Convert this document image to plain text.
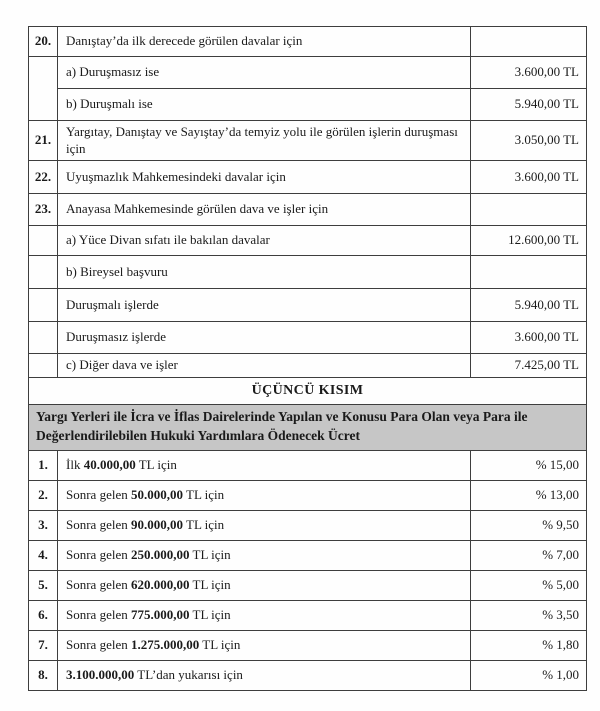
20.	Danıştay’da ilk derecede görülen davalar için	
	a) Duruşmasız ise	3.600,00 TL
	b) Duruşmalı ise	5.940,00 TL
21.	Yargıtay, Danıştay ve Sayıştay’da temyiz yolu ile görülen işlerin duruşması için	3.050,00 TL
22.	Uyuşmazlık Mahkemesindeki davalar için	3.600,00 TL
23.	Anayasa Mahkemesinde görülen dava ve işler için	
	a) Yüce Divan sıfatı ile bakılan davalar	12.600,00 TL
	b) Bireysel başvuru	
	Duruşmalı işlerde	5.940,00 TL
	Duruşmasız işlerde	3.600,00 TL
	c) Diğer dava ve işler	7.425,00 TL
ÜÇÜNCÜ KISIM		
Yargı Yerleri ile İcra ve İflas Dairelerinde Yapılan ve Konusu Para Olan veya Para ile Değerlendirilebilen Hukuki Yardımlara Ödenecek Ücret		
1.	İlk 40.000,00 TL için	% 15,00
2.	Sonra gelen 50.000,00 TL için	% 13,00
3.	Sonra gelen 90.000,00 TL için	% 9,50
4.	Sonra gelen 250.000,00 TL için	% 7,00
5.	Sonra gelen 620.000,00 TL için	% 5,00
6.	Sonra gelen 775.000,00 TL için	% 3,50
7.	Sonra gelen 1.275.000,00 TL için	% 1,80
8.	3.100.000,00 TL’dan yukarısı için	% 1,00
